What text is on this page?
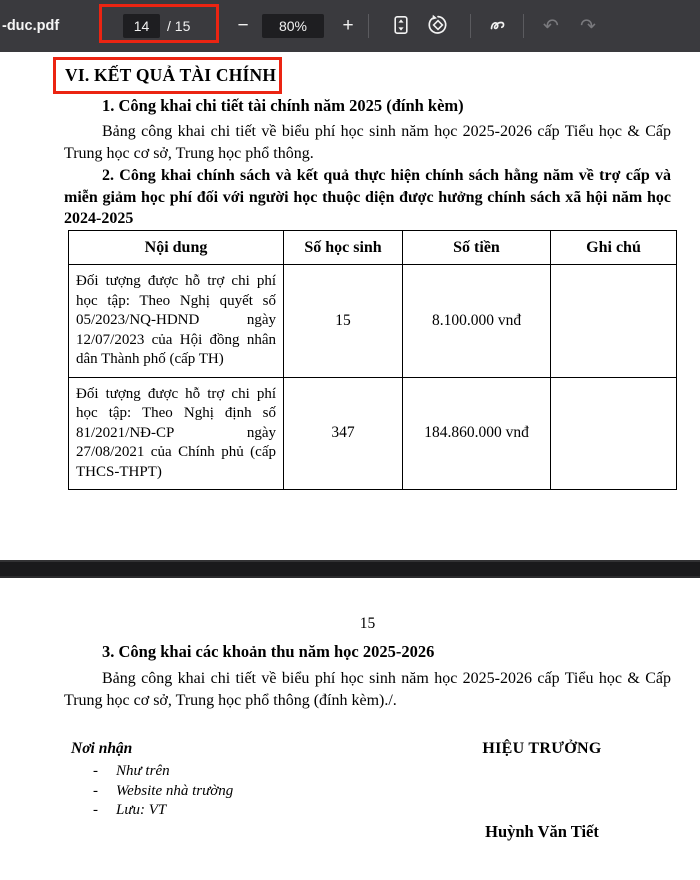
-duc.pdf
14	/ 15	−	80%	+	↶ ↷
VI. KẾT QUẢ TÀI CHÍNH
1. Công khai chi tiết tài chính năm 2025 (đính kèm)
Bảng công khai chi tiết về biểu phí học sinh năm học 2025-2026 cấp Tiểu học & Cấp Trung học cơ sở, Trung học phổ thông.
2. Công khai chính sách và kết quả thực hiện chính sách hằng năm về trợ cấp và miễn giảm học phí đối với người học thuộc diện được hưởng chính sách xã hội năm học 2024-2025
Nội dung	Số học sinh	Số tiền	Ghi chú
Đối tượng được hỗ trợ chi phí học tập: Theo Nghị quyết số 05/2023/NQ-HDND ngày 12/07/2023 của Hội đồng nhân dân Thành phố (cấp TH)	15	8.100.000 vnđ	
Đối tượng được hỗ trợ chi phí học tập: Theo Nghị định số 81/2021/NĐ-CP ngày 27/08/2021 của Chính phủ (cấp THCS-THPT)	347	184.860.000 vnđ	
15
3. Công khai các khoản thu năm học 2025-2026
Bảng công khai chi tiết về biểu phí học sinh năm học 2025-2026 cấp Tiểu học & Cấp Trung học cơ sở, Trung học phổ thông (đính kèm)./.
Nơi nhận
- Như trên
- Website nhà trường
- Lưu: VT
HIỆU TRƯỞNG
Huỳnh Văn Tiết
